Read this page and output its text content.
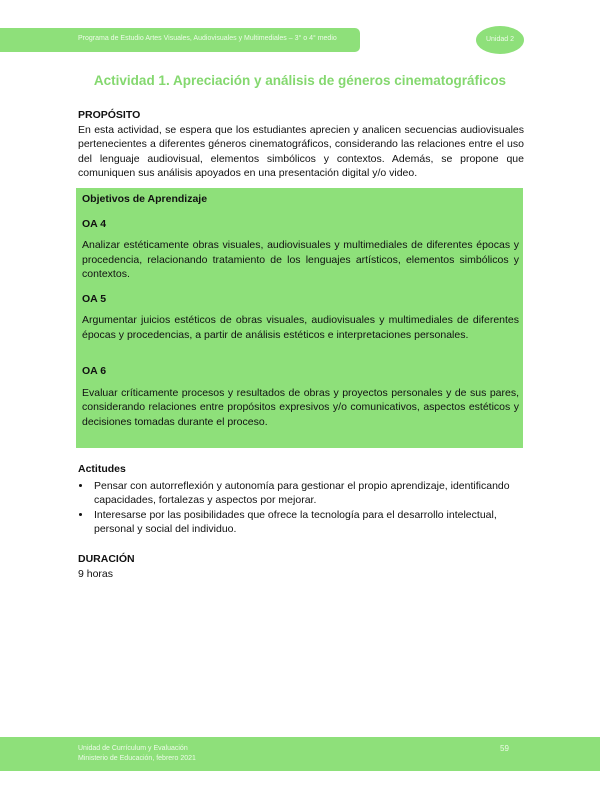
Programa de Estudio Artes Visuales, Audiovisuales y Multimediales – 3° o 4° medio	Unidad 2
Actividad 1. Apreciación y análisis de géneros cinematográficos
PROPÓSITO
En esta actividad, se espera que los estudiantes aprecien y analicen secuencias audiovisuales pertenecientes a diferentes géneros cinematográficos, considerando las relaciones entre el uso del lenguaje audiovisual, elementos simbólicos y contextos. Además, se propone que comuniquen sus análisis apoyados en una presentación digital y/o video.

Objetivos de Aprendizaje

OA 4

Analizar estéticamente obras visuales, audiovisuales y multimediales de diferentes épocas y procedencia, relacionando tratamiento de los lenguajes artísticos, elementos simbólicos y contextos.

OA 5

Argumentar juicios estéticos de obras visuales, audiovisuales y multimediales de diferentes épocas y procedencias, a partir de análisis estéticos e interpretaciones personales.

OA 6

Evaluar críticamente procesos y resultados de obras y proyectos personales y de sus pares, considerando relaciones entre propósitos expresivos y/o comunicativos, aspectos estéticos y decisiones tomadas durante el proceso.

Actitudes
• Pensar con autorreflexión y autonomía para gestionar el propio aprendizaje, identificando capacidades, fortalezas y aspectos por mejorar.
• Interesarse por las posibilidades que ofrece la tecnología para el desarrollo intelectual, personal y social del individuo.
DURACIÓN
9 horas
Unidad de Currículum y Evaluación
Ministerio de Educación, febrero 2021
59
